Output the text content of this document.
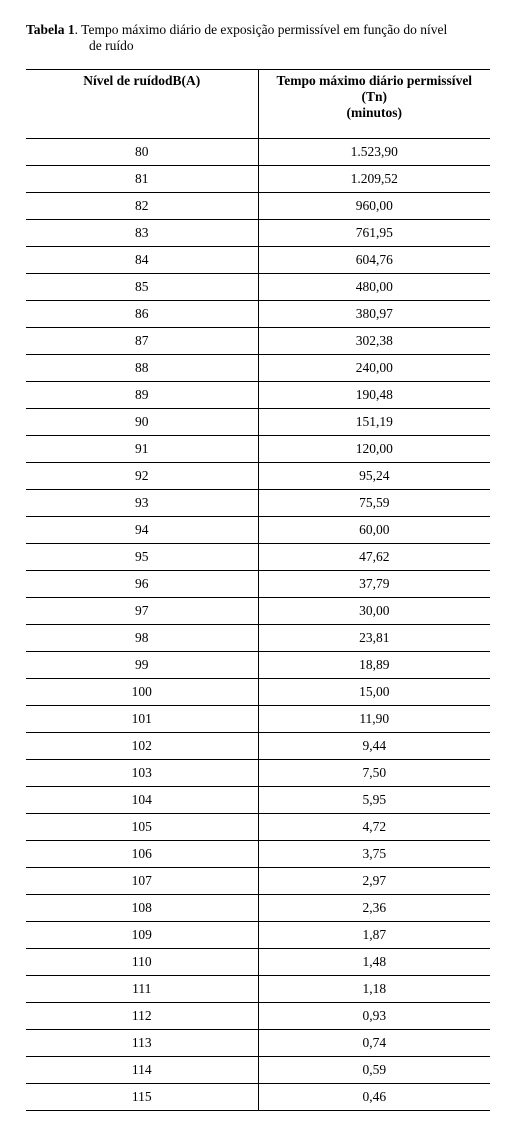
Tabela 1. Tempo máximo diário de exposição permissível em função do nível
de ruído
Nível de ruídodB(A)	Tempo máximo diário permissível
(Tn)
(minutos)

80	1.523,90
81	1.209,52
82	960,00
83	761,95
84	604,76
85	480,00
86	380,97
87	302,38
88	240,00
89	190,48
90	151,19
91	120,00
92	95,24
93	75,59
94	60,00
95	47,62
96	37,79
97	30,00
98	23,81
99	18,89
100	15,00
101	11,90
102	9,44
103	7,50
104	5,95
105	4,72
106	3,75
107	2,97
108	2,36
109	1,87
110	1,48
111	1,18
112	0,93
113	0,74
114	0,59
115	0,46
